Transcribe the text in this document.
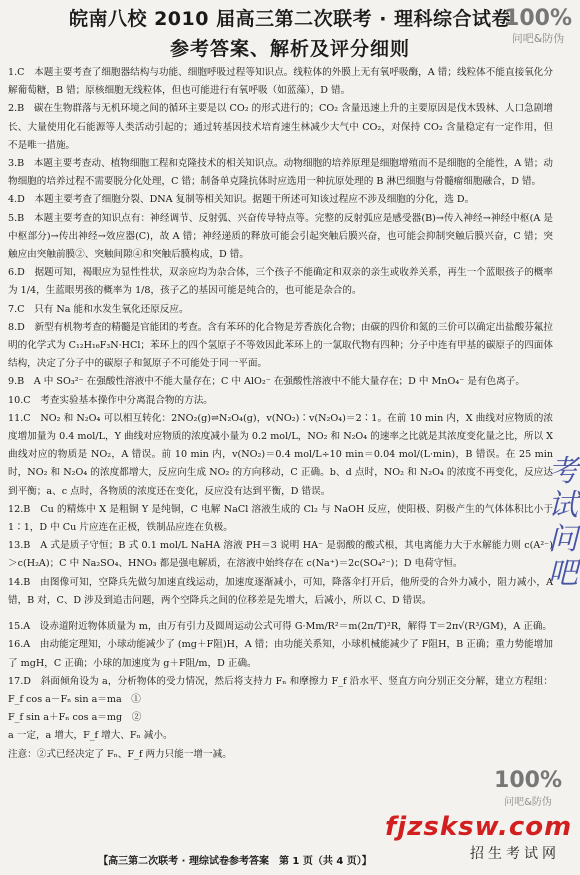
皖南八校 2010 届高三第二次联考 · 理科综合试卷
参考答案、解析及评分细则
100%
问吧&防伪

1.C　本题主要考查了细胞器结构与功能、细胞呼吸过程等知识点。线粒体的外膜上无有氧呼吸酶，A 错；线粒体不能直接氧化分解葡萄糖，B 错；原核细胞无线粒体，但也可能进行有氧呼吸（如蓝藻），D 错。

2.B　碳在生物群落与无机环境之间的循环主要是以 CO₂ 的形式进行的；CO₂ 含量迅速上升的主要原因是伐木毁林、人口急剧增长、大量使用化石能源等人类活动引起的；通过转基因技术培育速生林减少大气中 CO₂，对保持 CO₂ 含量稳定有一定作用，但不是唯一措施。

3.B　本题主要考查动、植物细胞工程和克隆技术的相关知识点。动物细胞的培养原理是细胞增殖而不是细胞的全能性，A 错；动物细胞的培养过程不需要脱分化处理，C 错；制备单克隆抗体时应选用一种抗原处理的 B 淋巴细胞与骨髓瘤细胞融合，D 错。

4.D　本题主要考查了细胞分裂、DNA 复制等相关知识。据题干所述可知该过程应不涉及细胞的分化，选 D。

5.B　本题主要考查的知识点有：神经调节、反射弧、兴奋传导特点等。完整的反射弧应是感受器(B)→传入神经→神经中枢(A 是中枢部分)→传出神经→效应器(C)，故 A 错；神经递质的释放可能会引起突触后膜兴奋，也可能会抑制突触后膜兴奋，C 错；突触应由突触前膜②、突触间隙④和突触后膜构成，D 错。

6.D　据题可知，褐眼应为显性性状，双亲应均为杂合体，三个孩子不能确定和双亲的亲生或收养关系，再生一个蓝眼孩子的概率为 1/4，生蓝眼男孩的概率为 1/8，孩子乙的基因可能是纯合的，也可能是杂合的。

7.C　只有 Na 能和水发生氧化还原反应。

8.D　新型有机物考查的精髓是官能团的考查。含有苯环的化合物是芳香族化合物；由碳的四价和氮的三价可以确定出盐酸芬氟拉明的化学式为 C₁₂H₁₆F₃N·HCl；苯环上的四个氢原子不等效因此苯环上的一氯取代物有四种；分子中连有甲基的碳原子的四面体结构，决定了分子中的碳原子和氮原子不可能处于同一平面。

9.B　A 中 SO₃²⁻ 在强酸性溶液中不能大量存在；C 中 AlO₂⁻ 在强酸性溶液中不能大量存在；D 中 MnO₄⁻ 是有色离子。

10.C　考查实验基本操作中分离混合物的方法。

11.C　NO₂ 和 N₂O₄ 可以相互转化：2NO₂(g)⇌N₂O₄(g)，v(NO₂)∶v(N₂O₄)＝2∶1。在前 10 min 内，X 曲线对应物质的浓度增加量为 0.4 mol/L，Y 曲线对应物质的浓度减小量为 0.2 mol/L，NO₂ 和 N₂O₄ 的速率之比就是其浓度变化量之比，所以 X 曲线对应的物质是 NO₂，A 错误。前 10 min 内，v(NO₂)＝0.4 mol/L÷10 min＝0.04 mol/(L·min)，B 错误。在 25 min 时，NO₂ 和 N₂O₄ 的浓度都增大，反应向生成 NO₂ 的方向移动，C 正确。b、d 点时，NO₂ 和 N₂O₄ 的浓度不再变化，反应达到平衡；a、c 点时，各物质的浓度还在变化，反应没有达到平衡，D 错误。

12.B　Cu 的精炼中 X 是粗铜 Y 是纯铜，C 电解 NaCl 溶液生成的 Cl₂ 与 NaOH 反应，使阳极、阴极产生的气体体积比小于 1∶1，D 中 Cu 片应连在正极，铁制品应连在负极。

13.B　A 式是质子守恒；B 式 0.1 mol/L NaHA 溶液 PH＝3 说明 HA⁻ 是弱酸的酸式根，其电离能力大于水解能力则 c(A²⁻)＞c(H₂A)；C 中 Na₂SO₄、HNO₃ 都是强电解质，在溶液中始终存在 c(Na⁺)＝2c(SO₄²⁻)；D 电荷守恒。

14.B　由图像可知，空降兵先做匀加速直线运动，加速度逐渐减小，可知，降落伞打开后，他所受的合外力减小，阻力减小，A 错，B 对，C、D 涉及到追击问题，两个空降兵之间的位移差是先增大，后减小，所以 C、D 错误。

15.A　设赤道附近物体质量为 m，由万有引力及圆周运动公式可得 G·Mm/R²＝m(2π/T)²R，解得 T＝2π√(R³/GM)，A 正确。

16.A　由动能定理知，小球动能减少了 (mg＋F阻)H，A 错；由功能关系知，小球机械能减少了 F阻H，B 正确；重力势能增加了 mgH，C 正确；小球的加速度为 g＋F阻/m，D 正确。

17.D　斜面倾角设为 a，分析物体的受力情况，然后将支持力 Fₙ 和摩擦力 F_f 沿水平、竖直方向分别正交分解，建立方程组：F_f cos a－Fₙ sin a＝ma　①

F_f sin a＋Fₙ cos a＝mg　②

a 一定，a 增大，F_f 增大、Fₙ 减小。

注意：②式已经决定了 Fₙ、F_f 两力只能一增一减。

考试问吧
100%
问吧&防伪
fjzsksw.com
招生考试网
【高三第二次联考 · 理综试卷参考答案　第 1 页（共 4 页）】
